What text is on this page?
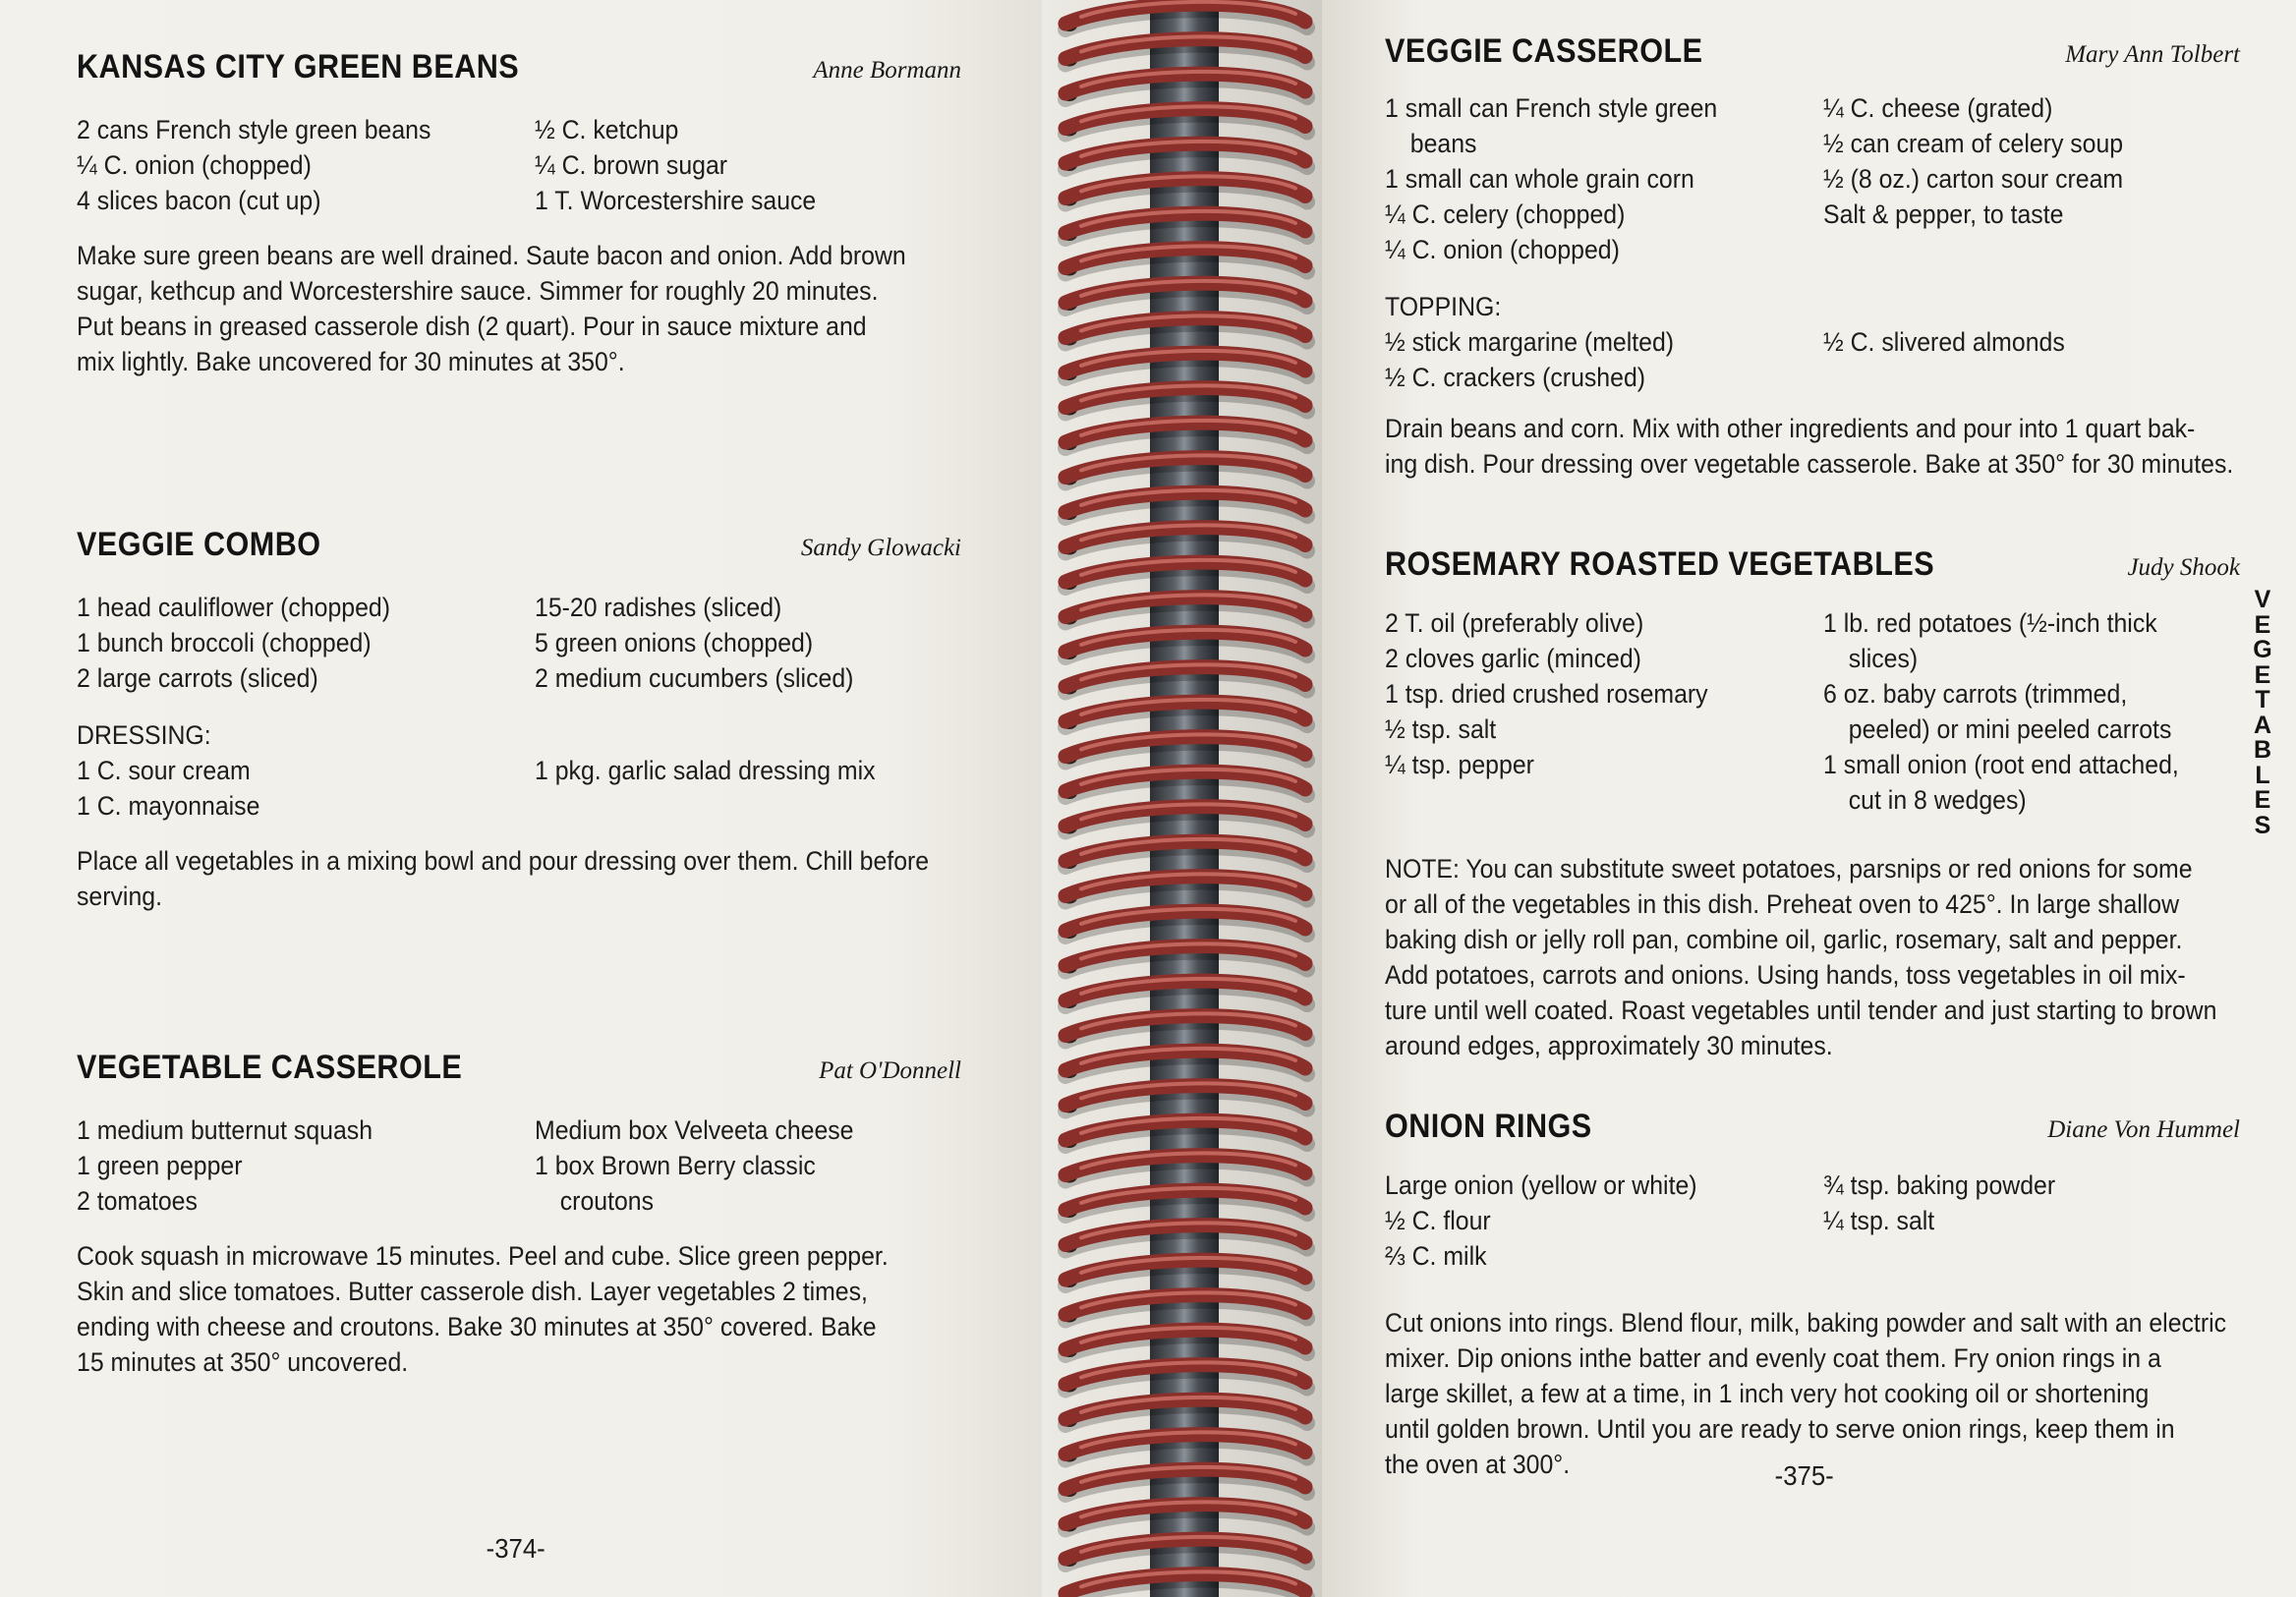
KANSAS CITY GREEN BEANS	Anne Bormann
2 cans French style green beans
¼ C. onion (chopped)
4 slices bacon (cut up)
½ C. ketchup
¼ C. brown sugar
1 T. Worcestershire sauce
Make sure green beans are well drained. Saute bacon and onion. Add brown
sugar, kethcup and Worcestershire sauce. Simmer for roughly 20 minutes.
Put beans in greased casserole dish (2 quart). Pour in sauce mixture and
mix lightly. Bake uncovered for 30 minutes at 350°.
VEGGIE COMBO	Sandy Glowacki
1 head cauliflower (chopped)
1 bunch broccoli (chopped)
2 large carrots (sliced)
15-20 radishes (sliced)
5 green onions (chopped)
2 medium cucumbers (sliced)
DRESSING:
1 C. sour cream
1 C. mayonnaise
1 pkg. garlic salad dressing mix
Place all vegetables in a mixing bowl and pour dressing over them. Chill before
serving.
VEGETABLE CASSEROLE	Pat O'Donnell
1 medium butternut squash
1 green pepper
2 tomatoes
Medium box Velveeta cheese
1 box Brown Berry classic
croutons
Cook squash in microwave 15 minutes. Peel and cube. Slice green pepper.
Skin and slice tomatoes. Butter casserole dish. Layer vegetables 2 times,
ending with cheese and croutons. Bake 30 minutes at 350° covered. Bake
15 minutes at 350° uncovered.
-374-
VEGGIE CASSEROLE	Mary Ann Tolbert
1 small can French style green
beans
1 small can whole grain corn
¼ C. celery (chopped)
¼ C. onion (chopped)
¼ C. cheese (grated)
½ can cream of celery soup
½ (8 oz.) carton sour cream
Salt & pepper, to taste
TOPPING:
½ stick margarine (melted)
½ C. crackers (crushed)
½ C. slivered almonds
Drain beans and corn. Mix with other ingredients and pour into 1 quart bak-
ing dish. Pour dressing over vegetable casserole. Bake at 350° for 30 minutes.
ROSEMARY ROASTED VEGETABLES	Judy Shook
2 T. oil (preferably olive)
2 cloves garlic (minced)
1 tsp. dried crushed rosemary
½ tsp. salt
¼ tsp. pepper
1 lb. red potatoes (½-inch thick
slices)
6 oz. baby carrots (trimmed,
peeled) or mini peeled carrots
1 small onion (root end attached,
cut in 8 wedges)
NOTE: You can substitute sweet potatoes, parsnips or red onions for some
or all of the vegetables in this dish. Preheat oven to 425°. In large shallow
baking dish or jelly roll pan, combine oil, garlic, rosemary, salt and pepper.
Add potatoes, carrots and onions. Using hands, toss vegetables in oil mix-
ture until well coated. Roast vegetables until tender and just starting to brown
around edges, approximately 30 minutes.
ONION RINGS	Diane Von Hummel
Large onion (yellow or white)
½ C. flour
⅔ C. milk
¾ tsp. baking powder
¼ tsp. salt
Cut onions into rings. Blend flour, milk, baking powder and salt with an electric
mixer. Dip onions inthe batter and evenly coat them. Fry onion rings in a
large skillet, a few at a time, in 1 inch very hot cooking oil or shortening
until golden brown. Until you are ready to serve onion rings, keep them in
the oven at 300°.	-375-
V
E
G
E
T
A
B
L
E
S
